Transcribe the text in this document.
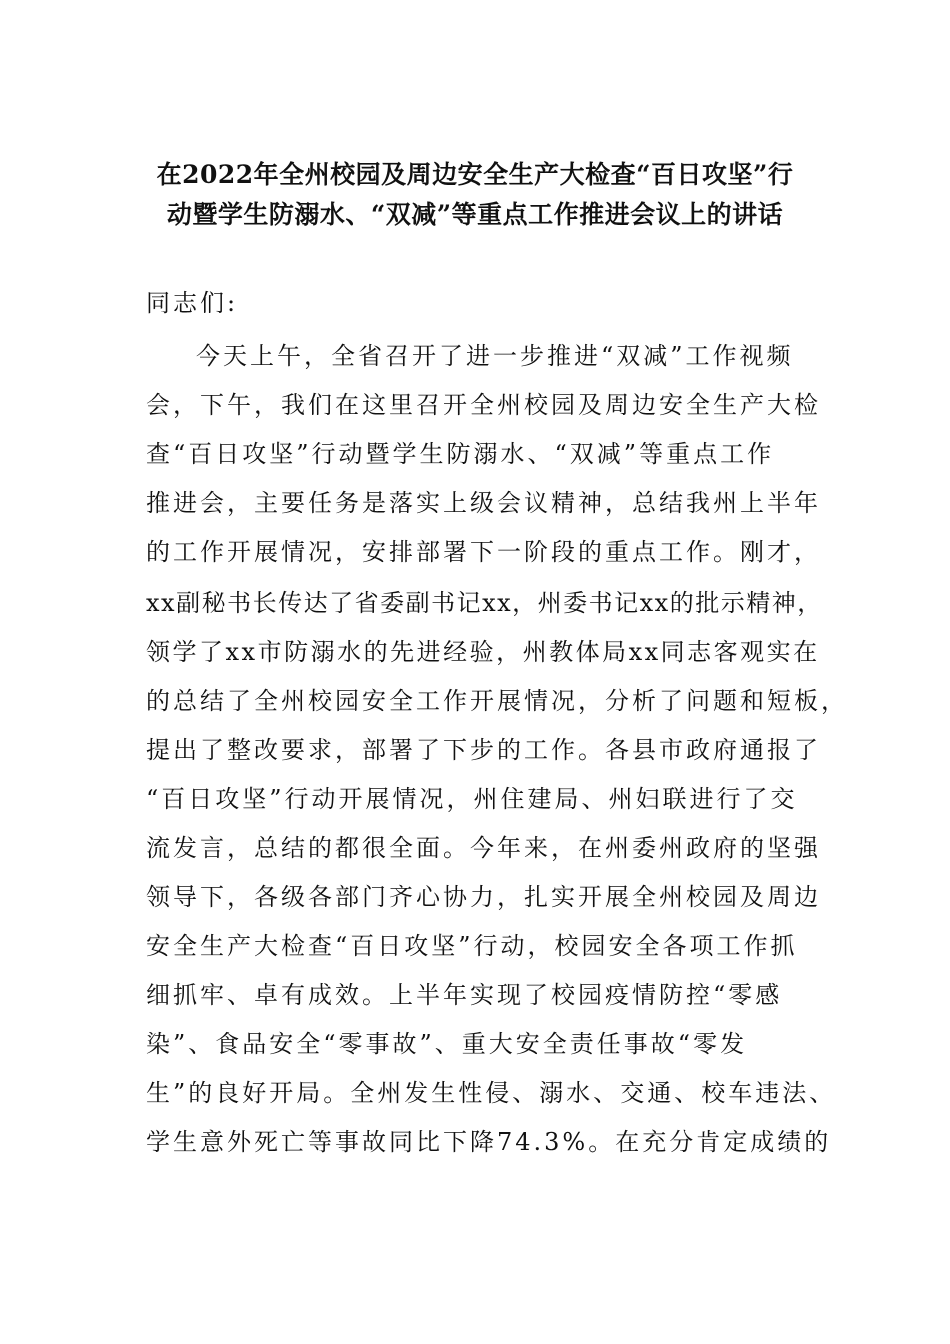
在2022年全州校园及周边安全生产大检查“百日攻坚”行
动暨学生防溺水、“双减”等重点工作推进会议上的讲话
同志们:
今天上午，全省召开了进一步推进“双减”工作视频
会，下午，我们在这里召开全州校园及周边安全生产大检
查“百日攻坚”行动暨学生防溺水、“双减”等重点工作
推进会，主要任务是落实上级会议精神，总结我州上半年
的工作开展情况，安排部署下一阶段的重点工作。刚才，
xx副秘书长传达了省委副书记xx，州委书记xx的批示精神，
领学了xx市防溺水的先进经验，州教体局xx同志客观实在
的总结了全州校园安全工作开展情况，分析了问题和短板，
提出了整改要求，部署了下步的工作。各县市政府通报了
“百日攻坚”行动开展情况，州住建局、州妇联进行了交
流发言，总结的都很全面。今年来，在州委州政府的坚强
领导下，各级各部门齐心协力，扎实开展全州校园及周边
安全生产大检查“百日攻坚”行动，校园安全各项工作抓
细抓牢、卓有成效。上半年实现了校园疫情防控“零感
染”、食品安全“零事故”、重大安全责任事故“零发
生”的良好开局。全州发生性侵、溺水、交通、校车违法、
学生意外死亡等事故同比下降74.3%。在充分肯定成绩的
